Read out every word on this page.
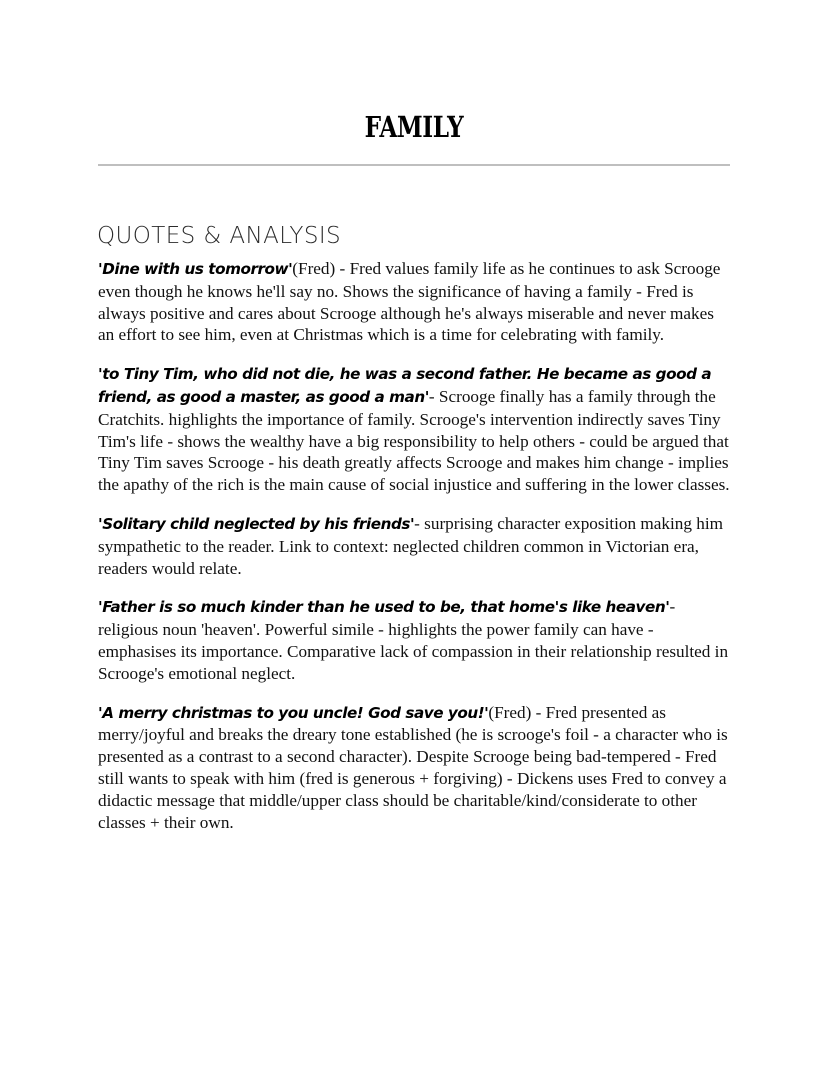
FAMILY
QUOTES & ANALYSIS

'Dine with us tomorrow'(Fred) - Fred values family life as he continues to ask Scrooge even though he knows he'll say no. Shows the significance of having a family - Fred is always positive and cares about Scrooge although he's always miserable and never makes an effort to see him, even at Christmas which is a time for celebrating with family.

'to Tiny Tim, who did not die, he was a second father. He became as good a friend, as good a master, as good a man'- Scrooge finally has a family through the Cratchits. highlights the importance of family. Scrooge's intervention indirectly saves Tiny Tim's life - shows the wealthy have a big responsibility to help others - could be argued that Tiny Tim saves Scrooge - his death greatly affects Scrooge and makes him change - implies the apathy of the rich is the main cause of social injustice and suffering in the lower classes.

'Solitary child neglected by his friends'- surprising character exposition making him sympathetic to the reader. Link to context: neglected children common in Victorian era, readers would relate.

'Father is so much kinder than he used to be, that home's like heaven'- religious noun 'heaven'. Powerful simile - highlights the power family can have - emphasises its importance. Comparative lack of compassion in their relationship resulted in Scrooge's emotional neglect.

'A merry christmas to you uncle! God save you!'(Fred) - Fred presented as merry/joyful and breaks the dreary tone established (he is scrooge's foil - a character who is presented as a contrast to a second character). Despite Scrooge being bad-tempered - Fred still wants to speak with him (fred is generous + forgiving) - Dickens uses Fred to convey a didactic message that middle/upper class should be charitable/kind/considerate to other classes + their own.
